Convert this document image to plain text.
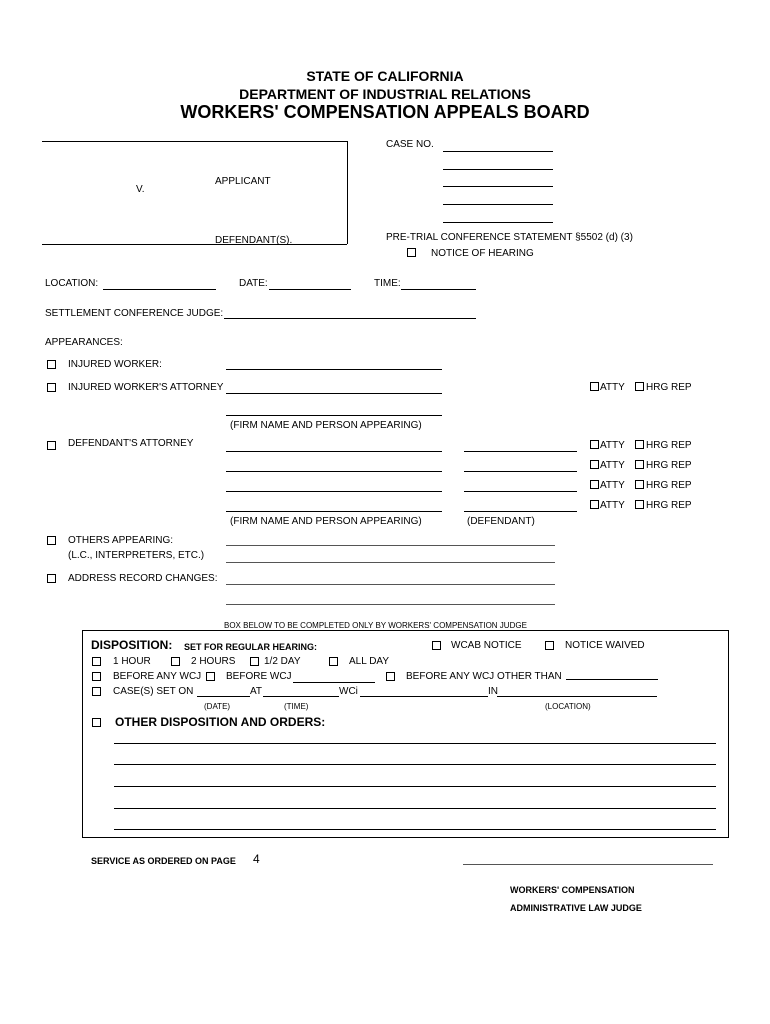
STATE OF CALIFORNIA
DEPARTMENT OF INDUSTRIAL RELATIONS
WORKERS' COMPENSATION APPEALS BOARD
APPLICANT
V.
DEFENDANT(S).
CASE NO.
PRE-TRIAL CONFERENCE STATEMENT §5502 (d) (3)
NOTICE OF HEARING
LOCATION:	DATE:	TIME:
SETTLEMENT CONFERENCE JUDGE:
APPEARANCES:
INJURED WORKER:
INJURED WORKER'S ATTORNEY	ATTY HRG REP
(FIRM NAME AND PERSON APPEARING)
DEFENDANT'S ATTORNEY	ATTY HRG REP
ATTY HRG REP
ATTY HRG REP
ATTY HRG REP
(FIRM NAME AND PERSON APPEARING)	(DEFENDANT)
OTHERS APPEARING:
(L.C., INTERPRETERS, ETC.)
ADDRESS RECORD CHANGES:
BOX BELOW TO BE COMPLETED ONLY BY WORKERS' COMPENSATION JUDGE
DISPOSITION: SET FOR REGULAR HEARING:	WCAB NOTICE	NOTICE WAIVED
1 HOUR	2 HOURS	1/2 DAY	ALL DAY
BEFORE ANY WCJ BEFORE WCJ	BEFORE ANY WCJ OTHER THAN
CASE(S) SET ON	AT	WCi	IN
(DATE)	(TIME)	(LOCATION)
OTHER DISPOSITION AND ORDERS:
SERVICE AS ORDERED ON PAGE 4
WORKERS' COMPENSATION
ADMINISTRATIVE LAW JUDGE
